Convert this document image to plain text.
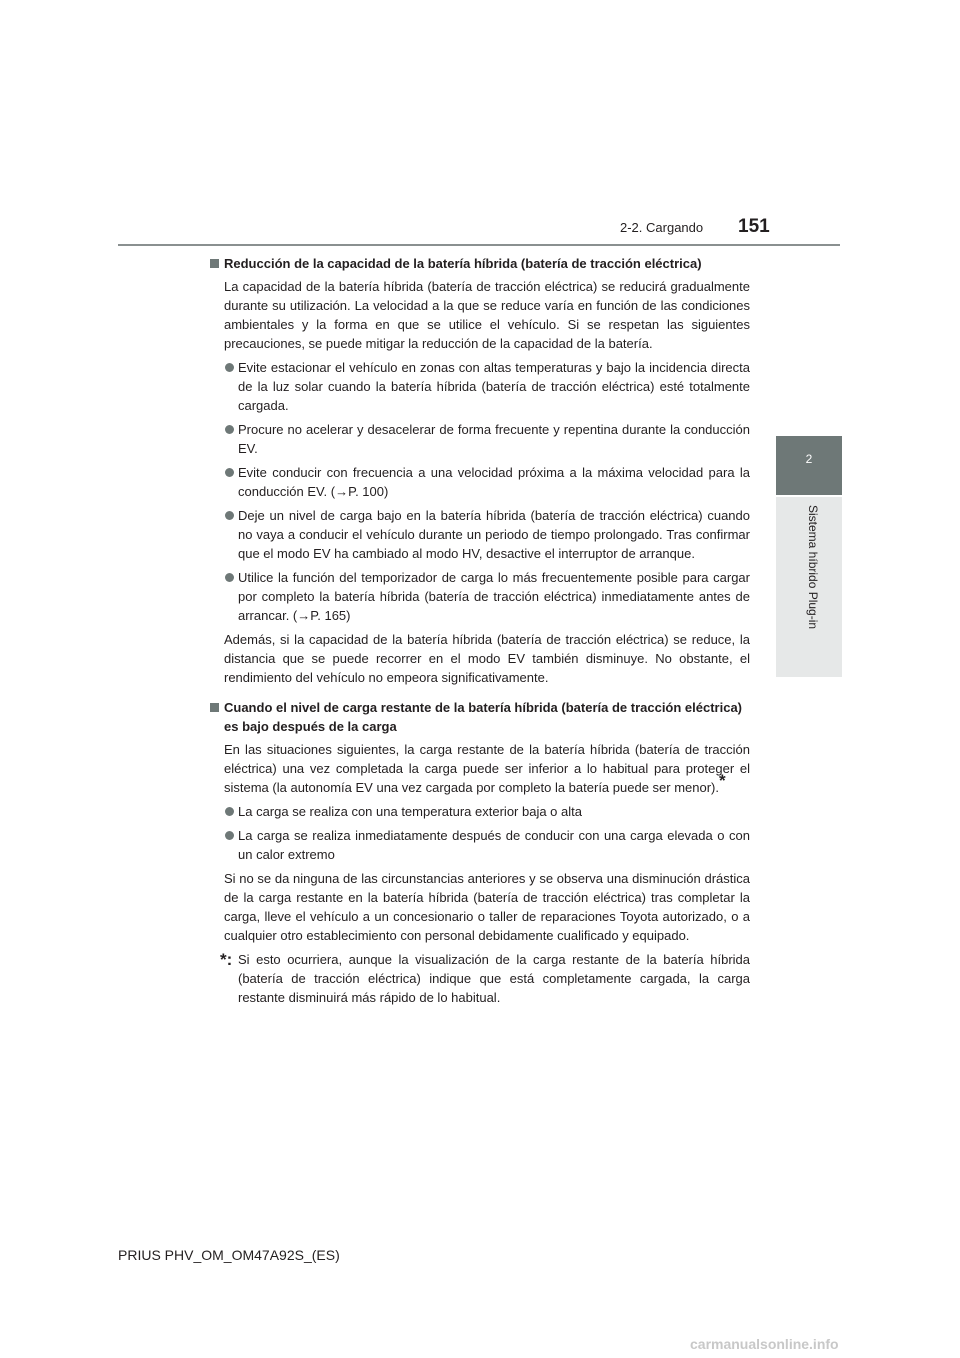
2-2. Cargando 151
2
Sistema híbrido Plug-in
Reducción de la capacidad de la batería híbrida (batería de tracción eléctrica)
La capacidad de la batería híbrida (batería de tracción eléctrica) se reducirá gradualmente durante su utilización. La velocidad a la que se reduce varía en función de las condiciones ambientales y la forma en que se utilice el vehículo. Si se respetan las siguientes precauciones, se puede mitigar la reducción de la capacidad de la batería.
Evite estacionar el vehículo en zonas con altas temperaturas y bajo la incidencia directa de la luz solar cuando la batería híbrida (batería de tracción eléctrica) esté totalmente cargada.
Procure no acelerar y desacelerar de forma frecuente y repentina durante la conducción EV.
Evite conducir con frecuencia a una velocidad próxima a la máxima velocidad para la conducción EV. (→P. 100)
Deje un nivel de carga bajo en la batería híbrida (batería de tracción eléctrica) cuando no vaya a conducir el vehículo durante un periodo de tiempo prolongado. Tras confirmar que el modo EV ha cambiado al modo HV, desactive el interruptor de arranque.
Utilice la función del temporizador de carga lo más frecuentemente posible para cargar por completo la batería híbrida (batería de tracción eléctrica) inmediatamente antes de arrancar. (→P. 165)
Además, si la capacidad de la batería híbrida (batería de tracción eléctrica) se reduce, la distancia que se puede recorrer en el modo EV también disminuye. No obstante, el rendimiento del vehículo no empeora significativamente.
Cuando el nivel de carga restante de la batería híbrida (batería de tracción eléctrica) es bajo después de la carga
En las situaciones siguientes, la carga restante de la batería híbrida (batería de tracción eléctrica) una vez completada la carga puede ser inferior a lo habitual para proteger el sistema (la autonomía EV una vez cargada por completo la batería puede ser menor).*
La carga se realiza con una temperatura exterior baja o alta
La carga se realiza inmediatamente después de conducir con una carga elevada o con un calor extremo
Si no se da ninguna de las circunstancias anteriores y se observa una disminución drástica de la carga restante en la batería híbrida (batería de tracción eléctrica) tras completar la carga, lleve el vehículo a un concesionario o taller de reparaciones Toyota autorizado, o a cualquier otro establecimiento con personal debidamente cualificado y equipado.
*: Si esto ocurriera, aunque la visualización de la carga restante de la batería híbrida (batería de tracción eléctrica) indique que está completamente cargada, la carga restante disminuirá más rápido de lo habitual.
PRIUS PHV_OM_OM47A92S_(ES)
carmanualsonline.info
